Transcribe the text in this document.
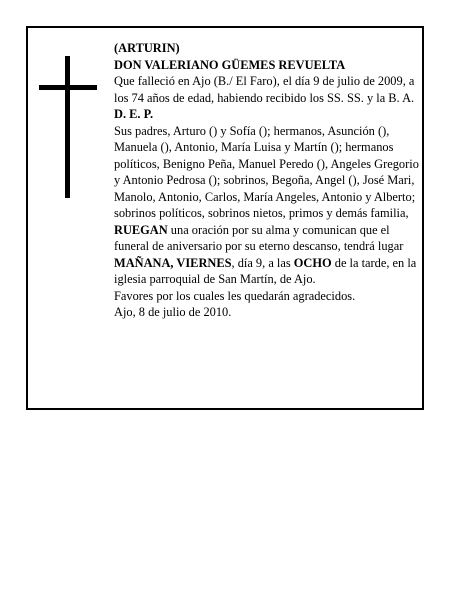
(ARTURIN)

DON VALERIANO GÜEMES REVUELTA

Que falleció en Ajo (B./ El Faro), el día 9 de julio de 2009, a los 74 años de edad, habiendo recibido los SS. SS. y la B. A.

D. E. P.

Sus padres, Arturo () y Sofía (); hermanos, Asunción (), Manuela (), Antonio, María Luisa y Martín (); hermanos políticos, Benigno Peña, Manuel Peredo (), Angeles Gregorio y Antonio Pedrosa (); sobrinos, Begoña, Angel (), José Mari, Manolo, Antonio, Carlos, María Angeles, Antonio y Alberto; sobrinos políticos, sobrinos nietos, primos y demás familia,

RUEGAN una oración por su alma y comunican que el funeral de aniversario por su eterno descanso, tendrá lugar MAÑANA, VIERNES, día 9, a las OCHO de la tarde, en la iglesia parroquial de San Martín, de Ajo.

Favores por los cuales les quedarán agradecidos.

Ajo, 8 de julio de 2010.
